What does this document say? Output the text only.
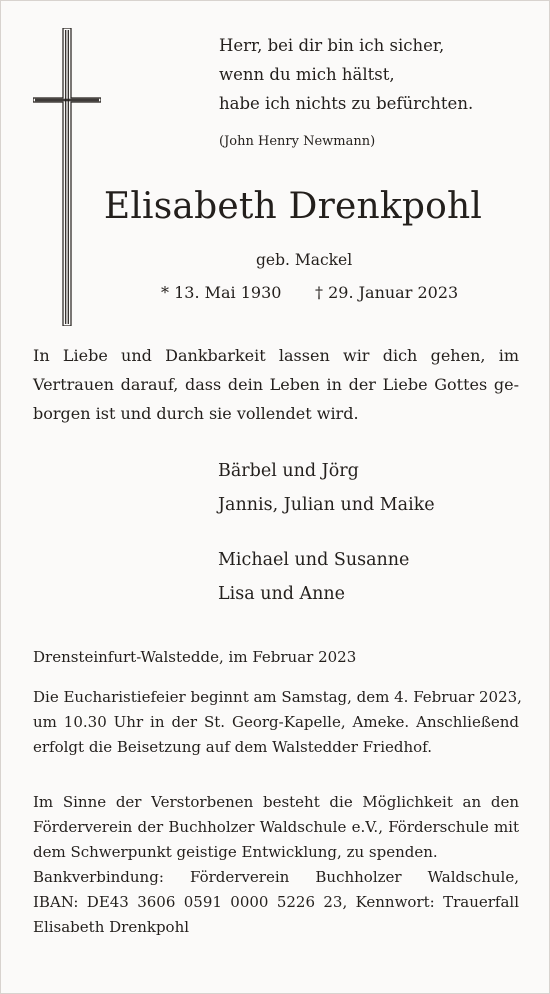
Herr, bei dir bin ich sicher,
wenn du mich hältst,
habe ich nichts zu befürchten.
(John Henry Newmann)
Elisabeth Drenkpohl
geb. Mackel
* 13. Mai 1930 † 29. Januar 2023
In Liebe und Dankbarkeit lassen wir dich gehen, im
Vertrauen darauf, dass dein Leben in der Liebe Gottes ge-
borgen ist und durch sie vollendet wird.
Bärbel und Jörg
Jannis, Julian und Maike
Michael und Susanne
Lisa und Anne
Drensteinfurt-Walstedde, im Februar 2023
Die Eucharistiefeier beginnt am Samstag, dem 4. Februar 2023,
um 10.30 Uhr in der St. Georg-Kapelle, Ameke. Anschließend
erfolgt die Beisetzung auf dem Walstedder Friedhof.
Im Sinne der Verstorbenen besteht die Möglichkeit an den
Förderverein der Buchholzer Waldschule e.V., Förderschule mit
dem Schwerpunkt geistige Entwicklung, zu spenden.
Bankverbindung: Förderverein Buchholzer Waldschule,
IBAN: DE43 3606 0591 0000 5226 23, Kennwort: Trauerfall
Elisabeth Drenkpohl
